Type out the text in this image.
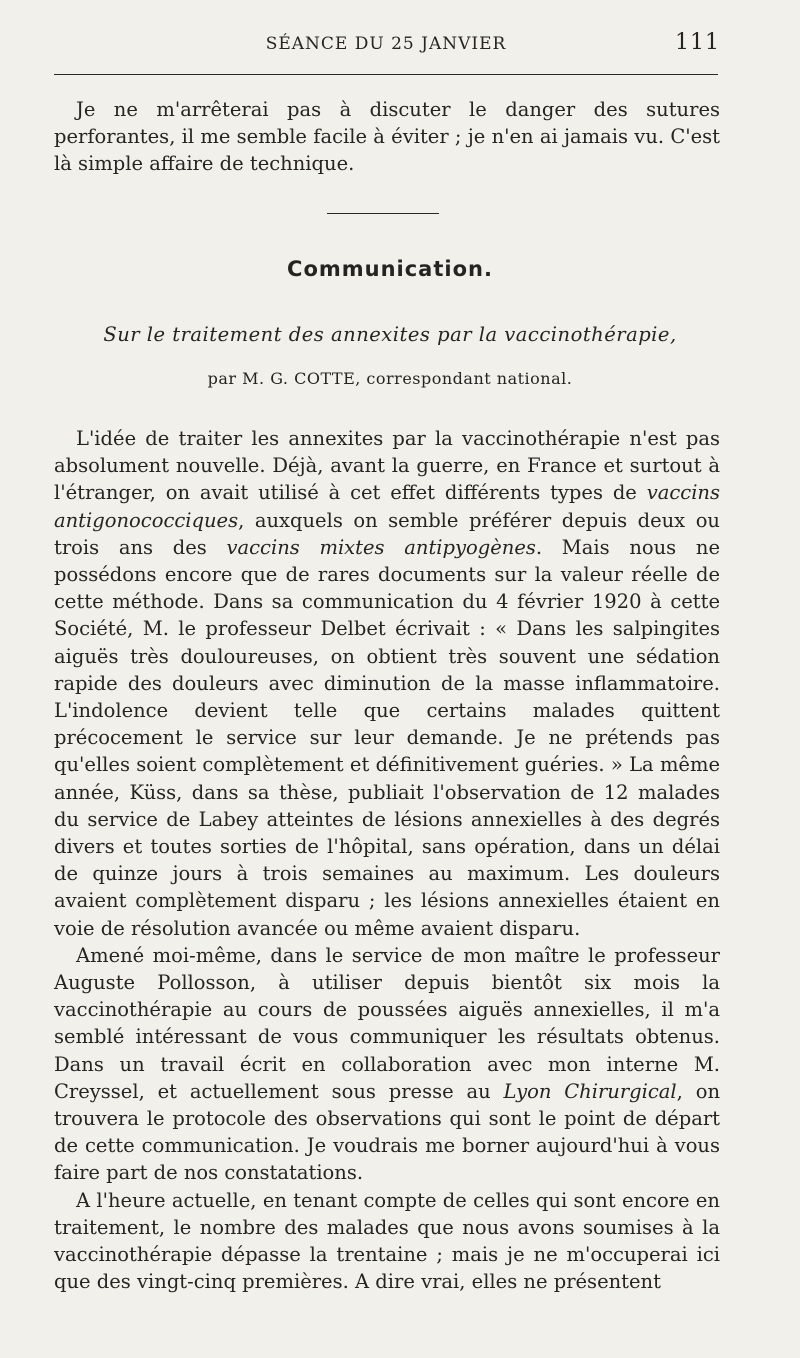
SÉANCE DU 25 JANVIER	111

Je ne m'arrêterai pas à discuter le danger des sutures perforantes, il me semble facile à éviter ; je n'en ai jamais vu. C'est là simple affaire de technique.

Communication.
Sur le traitement des annexites par la vaccinothérapie,
par M. G. COTTE, correspondant national.

L'idée de traiter les annexites par la vaccinothérapie n'est pas absolument nouvelle. Déjà, avant la guerre, en France et surtout à l'étranger, on avait utilisé à cet effet différents types de vaccins antigonococciques, auxquels on semble préférer depuis deux ou trois ans des vaccins mixtes antipyogènes. Mais nous ne possédons encore que de rares documents sur la valeur réelle de cette méthode. Dans sa communication du 4 février 1920 à cette Société, M. le professeur Delbet écrivait : « Dans les salpingites aiguës très douloureuses, on obtient très souvent une sédation rapide des douleurs avec diminution de la masse inflammatoire. L'indolence devient telle que certains malades quittent précocement le service sur leur demande. Je ne prétends pas qu'elles soient complètement et définitivement guéries. » La même année, Küss, dans sa thèse, publiait l'observation de 12 malades du service de Labey atteintes de lésions annexielles à des degrés divers et toutes sorties de l'hôpital, sans opération, dans un délai de quinze jours à trois semaines au maximum. Les douleurs avaient complètement disparu ; les lésions annexielles étaient en voie de résolution avancée ou même avaient disparu.

Amené moi-même, dans le service de mon maître le professeur Auguste Pollosson, à utiliser depuis bientôt six mois la vaccinothérapie au cours de poussées aiguës annexielles, il m'a semblé intéressant de vous communiquer les résultats obtenus. Dans un travail écrit en collaboration avec mon interne M. Creyssel, et actuellement sous presse au Lyon Chirurgical, on trouvera le protocole des observations qui sont le point de départ de cette communication. Je voudrais me borner aujourd'hui à vous faire part de nos constatations.

A l'heure actuelle, en tenant compte de celles qui sont encore en traitement, le nombre des malades que nous avons soumises à la vaccinothérapie dépasse la trentaine ; mais je ne m'occuperai ici que des vingt-cinq premières. A dire vrai, elles ne présentent
